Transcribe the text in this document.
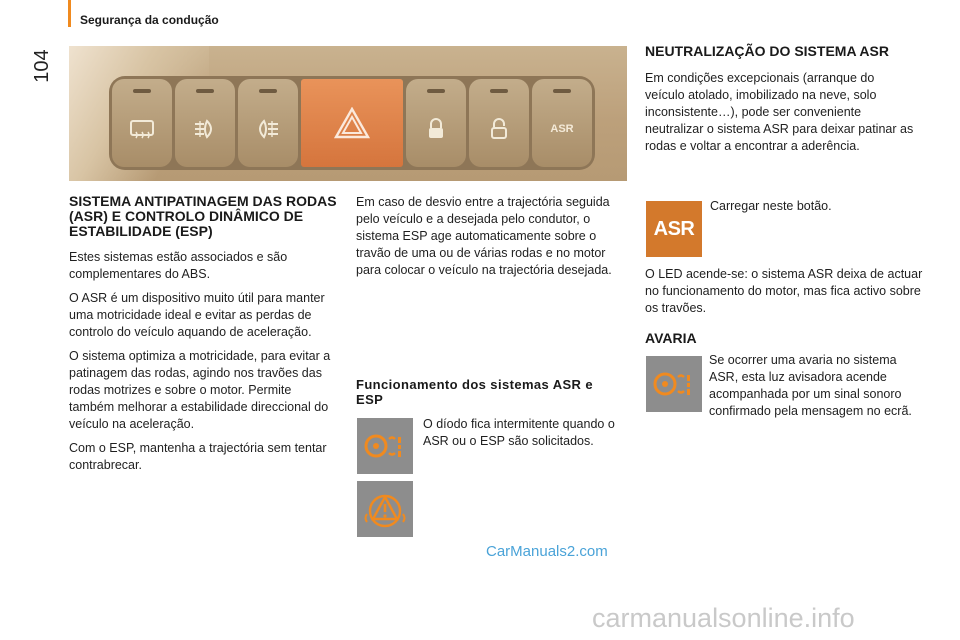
Segurança da condução
104
ASR
SISTEMA ANTIPATINAGEM DAS RODAS (ASR) E CONTROLO DINÂMICO DE ESTABILIDADE (ESP)

Estes sistemas estão associados e são complementares do ABS.

O ASR é um dispositivo muito útil para manter uma motricidade ideal e evitar as perdas de controlo do veículo aquando de aceleração.

O sistema optimiza a motricidade, para evitar a patinagem das rodas, agindo nos travões das rodas motrizes e sobre o motor. Permite também melhorar a estabilidade direccional do veículo na aceleração.

Com o ESP, mantenha a trajectória sem tentar contrabrecar.

Em caso de desvio entre a trajectória seguida pelo veículo e a desejada pelo condutor, o sistema ESP age automaticamente sobre o travão de uma ou de várias rodas e no motor para colocar o veículo na trajectória desejada.

Funcionamento dos sistemas ASR e ESP

O díodo fica intermitente quando o ASR ou o ESP são solicitados.

NEUTRALIZAÇÃO DO SISTEMA ASR

Em condições excepcionais (arranque do veículo atolado, imobilizado na neve, solo inconsistente…), pode ser conveniente neutralizar o sistema ASR para deixar patinar as rodas e voltar a encontrar a aderência.

ASR

Carregar neste botão.

O LED acende-se: o sistema ASR deixa de actuar no funcionamento do motor, mas fica activo sobre os travões.

AVARIA

Se ocorrer uma avaria no sistema ASR, esta luz avisadora acende acompanhada por um sinal sonoro confirmado pela mensagem no ecrã.

CarManuals2.com
carmanualsonline.info
